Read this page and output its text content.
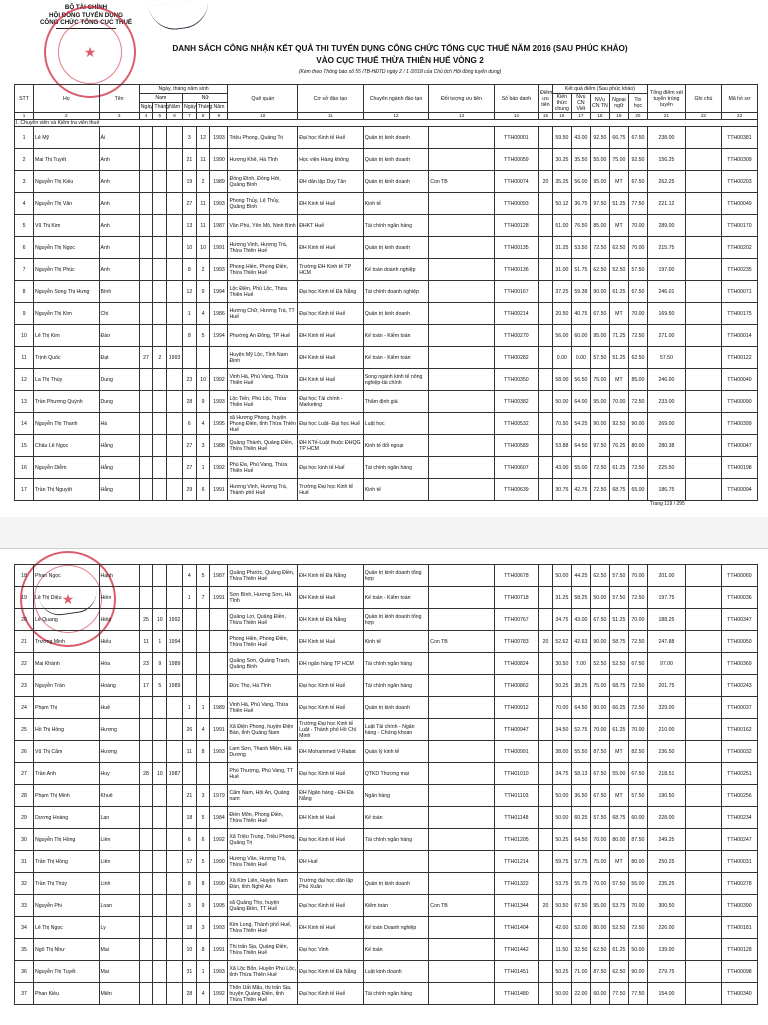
BỘ TÀI CHÍNH
HỘI ĐỒNG TUYỂN DỤNG
CÔNG CHỨC TỔNG CỤC THUẾ
★	DANH SÁCH CÔNG NHẬN KẾT QUẢ THI TUYỂN DỤNG CÔNG CHỨC TỔNG CỤC THUẾ NĂM 2016 (SAU PHÚC KHẢO)
VÀO CỤC THUẾ THỪA THIÊN HUẾ VÒNG 2
(Kèm theo Thông báo số 55 /TB-HĐTD ngày 2 / 1 /2018 của Chủ tịch Hội đồng tuyển dụng)
STT	Họ	Tên	Ngày, tháng năm sinh						Quê quán	Cơ sở đào tạo	Chuyên ngành đào tạo	Đối tượng ưu tiên	Số báo danh	Điểm ưu tiên	Kết quả điểm (Sau phúc khảo)					Tổng điểm xét tuyển trúng tuyển	Ghi chú	Mã hồ sơ
			Nam			Nữ									Kiến thức chung	Nvụ CN Viết	NVụ CN TN	Ngoại ngữ	Tin học			
			Ngày	Tháng	Năm	Ngày	Tháng	Năm														
1	2	3	4	5	6	7	8	9	10	11	12	13	14	15	16	17	18	19	20	21	22	23
I. Chuyên viên và Kiểm tra viên thuế																						
1	Lê Mỹ	Ái				3	12	1993	Triệu Phong, Quảng Trị	Đại học Kinh tế Huế	Quản trị kinh doanh		TTH00001		59.50	43.00	92.50	66.75	67.50	238.00		TTH00381
2	Mai Thị Tuyết	Anh				21	11	1990	Hương Khê, Hà Tĩnh	Học viện Hàng không	Quản trị kinh doanh		TTH00059		30.25	35.50	55.00	75.00	92.50	156.25		TTH00309
3	Nguyễn Thị Kiều	Anh				19	2	1989	Đồng Đình, Đồng Hới, Quảng Bình	ĐH dân lập Duy Tân	Quản trị kinh doanh	Con TB	TTH00074	20	35.25	56.00	95.00	MT	67.50	262.25		TTH00203
4	Nguyễn Thị Vân	Anh				27	11	1993	Phong Thủy, Lệ Thủy, Quảng Bình	ĐH Kinh tế Huế	Kinh tế		TTH00093		50.12	36.75	97.50	51.25	77.50	221.12		TTH00049
5	Vũ Thị Kim	Anh				13	11	1987	Văn Phú, Yên Mô, Ninh Bình	ĐHKT Huế	Tài chính ngân hàng		TTH00128		51.00	76.50	85.00	MT	70.00	289.00		TTH00170
6	Nguyễn Thị Ngọc	Anh				10	10	1991	Hương Vinh, Hương Trà, Thừa Thiên Huế	ĐH Kinh tế Huế	Quản trị kinh doanh		TTH00135		31.25	53.50	72.50	62.50	70.00	215.75		TTH00202
7	Nguyễn Thị Phúc	Anh				8	2	1993	Phong Hiền, Phong Điền, Thừa Thiên Huế	Trường ĐH Kinh tế TP HCM	Kế toán doanh nghiệp		TTH00136		31.00	51.75	62.50	52.50	57.50	197.00		TTH00235
8	Nguyễn Song Thị Hưng	Bình				12	9	1994	Lộc Điền, Phú Lộc, Thừa Thiên Huế	Đại học Kinh tế Đà Nẵng	Tài chính doanh nghiệp		TTH00167		37.25	59.38	90.00	61.25	67.50	246.01		TTH00071
9	Nguyễn Thị Kim	Chi				1	4	1986	Hương Chữ, Hương Trà, TT Huế	Đại học Kinh tế Huế	Quản trị kinh doanh		TTH00214		20.50	40.75	67.50	MT	70.00	169.50		TTH00175
10	Lê Thị Kim	Đào				8	5	1994	Phường An Đông, TP Huế	ĐH Kinh tế Huế	Kế toán - Kiểm toán		TTH00270		56.00	60.00	95.00	71.25	72.50	271.00		TTH00014
11	Trịnh Quốc	Đạt	27	2	1993				Huyện Mỹ Lộc, Tỉnh Nam Định	ĐH Kinh tế Huế	Kế toán - Kiểm toán		TTH00282		0.00	0.00	57.50	51.25	62.50	57.50		TTH00122
12	La Thị Thùy	Dung				23	10	1992	Vinh Hà, Phú Vang, Thừa Thiên Huế	ĐH Kinh tế Huế	Song ngành kinh tế nông nghiệp-tài chính		TTH00350		58.00	56.50	75.00	MT	85.00	246.00		TTH00040
13	Trần Phương Quỳnh	Dung				28	9	1993	Lộc Tiến, Phú Lộc, Thừa Thiên Huế	Đại học Tài chính - Marketing	Thẩm định giá		TTH00382		50.00	64.00	95.00	70.00	72.50	233.00		TTH00090
14	Nguyễn Thị Thanh	Hà				6	4	1995	xã Hương Phong, huyện Phong Điền, tỉnh Thừa Thiên Huế	Đại học Luật- Đại học Huế	Luật học		TTH00532		70.50	54.25	90.00	92.50	90.00	269.00		TTH00399
15	Châu Lê Ngọc	Hằng				27	3	1988	Quảng Thành, Quảng Điền, Thừa Thiên Huế	ĐH KTế-Luật thuộc ĐHQG TP HCM	Kinh tế đối ngoại		TTH00589		53.88	64.50	97.50	76.25	80.00	280.38		TTH00047
16	Nguyễn Diễm	Hằng				27	1	1992	Phú Đa, Phú Vang, Thừa Thiên Huế	Đại học kinh tế Huế	Tài chính ngân hàng		TTH00607		43.00	55.00	72.50	61.25	72.50	225.50		TTH00198
17	Trần Thị Nguyệt	Hằng				29	6	1991	Hương Vinh, Hương Trà, Thành phố Huế	Trường Đại học Kinh tế Huế	Kinh tế		TTH00639		30.75	42.75	72.50	68.75	65.00	186.75		TTH00094
Trang 119 / 295
★
18	Phan Ngọc	Hạnh				4	5	1987	Quảng Phước, Quảng Điền, Thừa Thiên Huế	ĐH Kinh tế Đà Nẵng	Quản trị kinh doanh tổng hợp		TTH00678		50.00	44.25	62.50	57.50	70.00	201.00		TTH00060
19	Lê Thị Diệu	Hiền				1	7	1991	Sơn Bình, Hương Sơn, Hà Tĩnh	ĐH Kinh tế Huế	Kế toán - Kiểm toán		TTH00718		31.25	58.25	50.00	57.50	72.50	197.75		TTH00036
20	Lê Quang	Hiệp	25	10	1992				Quảng Lợi, Quảng Điền, Thừa Thiên Huế	ĐH Kinh tế Đà Nẵng	Quản trị kinh doanh tổng hợp		TTH00767		34.75	43.00	67.50	51.25	70.00	188.25		TTH00347
21	Trương Minh	Hiếu	11	1	1994				Phong Hiền, Phong Điền, Thừa Thiên Huế	ĐH Kinh tế Huế	Kinh tế	Con TB	TTH00783	20	52.62	42.63	90.00	58.75	72.50	247.88		TTH00050
22	Mai Khánh	Hòa	23	9	1989				Quảng Sơn, Quảng Trạch, Quảng Bình	ĐH ngân hàng TP HCM	Tài chính ngân hàng		TTH00824		30.50	7.00	52.50	52.50	67.50	97.00		TTH00369
23	Nguyễn Trần	Hoàng	17	5	1989				Đức Thọ, Hà Tĩnh	Đại học Kinh tế Huế	Tài chính ngân hàng		TTH00862		50.25	38.25	75.00	68.75	72.50	201.75		TTH00243
24	Phạm Thị	Huệ				1	1	1989	Vinh Hà, Phú Vang, Thừa Thiên Huế	Đại học Kinh tế Huế	Quản trị kinh doanh		TTH00912		70.00	64.50	90.00	66.25	72.50	329.00		TTH00037
25	Hồ Thị Hồng	Hương				26	4	1991	Xã Điện Phong, huyện Điện Bàn, tỉnh Quảng Nam	Trường Đại học Kinh tế Luật - Thành phố Hồ Chí Minh	Luật Tài chính - Ngân hàng - Chứng khoán		TTH00947		34.50	52.75	70.00	61.25	70.00	210.00		TTH00162
26	Vũ Thị Cẩm	Hương				11	8	1993	Lam Sơn, Thanh Miện, Hải Dương	ĐH Mohammed V-Rabat	Quản lý kinh tế		TTH00991		38.00	55.50	87.50	MT	82.50	236.50		TTH00032
27	Trần Anh	Huy	28	10	1987				Phú Thượng, Phú Vang, TT Huế	Đại học Kinh tế Huế	QTKD Thương mại		TTH01010		34.75	58.13	67.50	55.00	67.50	218.51		TTH00251
28	Phạm Thị Minh	Khuê				21	3	1979	Cẩm Nam, Hội An, Quảng nam	ĐH Ngân hàng - ĐH Đà Nẵng	Ngân hàng		TTH01103		50.00	36.50	67.50	MT	57.50	190.50		TTH00256
29	Dương Hoàng	Lan				18	5	1984	Điền Môn, Phong Điền, Thừa Thiên Huế	ĐH Kinh tế Huế	Kế toán		TTH01148		50.00	60.25	57.50	68.75	60.00	228.00		TTH00234
30	Nguyễn Thị Hồng	Liên				6	6	1992	Xã Triệu Trung, Triệu Phong, Quảng Trị	Đại học Kinh tế Huế	Tài chính ngân hàng		TTH01205		50.25	64.50	70.00	80.00	87.50	249.25		TTH00247
31	Trần Thị Hồng	Liên				17	5	1990	Hương Văn, Hương Trà, Thừa Thiên Huế	ĐH Huế			TTH01214		59.75	57.75	75.00	MT	80.00	250.25		TTH00031
32	Trần Thị Thùy	Linh				8	8	1990	Xã Kim Liên, Huyện Nam Đàn, tỉnh Nghệ An	Trường đại học dân lập Phú Xuân	Quản trị kinh doanh		TTH01322		53.75	55.75	70.00	57.50	55.00	235.25		TTH00278
33	Nguyễn Phi	Loan				3	9	1995	xã Quảng Thọ, huyện Quảng Điền, TT Huế	Đại học Kinh tế Huế	Kiểm toán	Con TB	TTH01344	20	50.50	67.50	95.00	53.75	70.00	300.50		TTH00390
34	Lê Thị Ngọc	Ly				18	3	1993	Kim Long, Thành phố Huế, Thừa Thiên Huế	ĐH Kinh tế Huế	Kế toán Doanh nghiệp		TTH01404		42.00	52.00	80.00	52.50	72.50	226.00		TTH00181
35	Ngô Thị Như	Mai				10	8	1991	Thị trấn Sịa, Quảng Điền, Thừa Thiên Huế	Đại học Vinh	Kế toán		TTH01442		11.50	32.50	62.50	61.25	50.00	139.00		TTH00128
36	Nguyễn Thị Tuyết	Mai				31	1	1993	Xã Lộc Bổn, Huyện Phú Lộc, tỉnh Thừa Thiên Huế	Đại học Kinh tế Đà Nẵng	Luật kinh doanh		TTH01451		50.25	71.00	87.50	62.50	90.00	279.75		TTH00098
37	Phan Kiều	Miên				28	4	1992	Thôn Uất Mậu, thị trấn Sịa, huyện Quảng Điền, tỉnh Thừa Thiên Huế	Đại học Kinh tế Huế	Tài chính ngân hàng		TTH01480		50.00	22.00	60.00	77.50	77.50	154.00		TTH00340
